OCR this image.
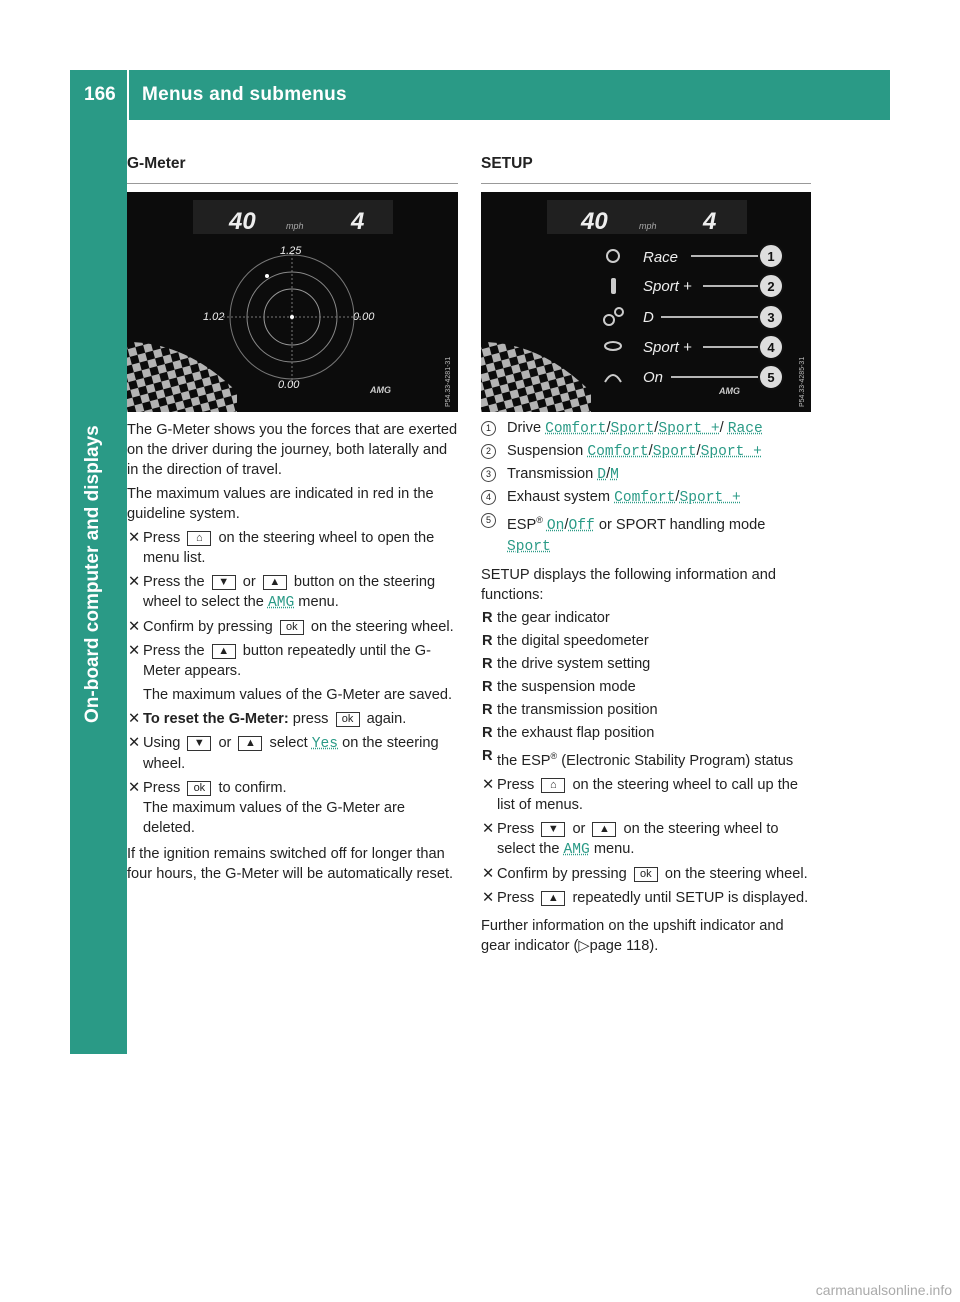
166 Menus and submenus
On-board computer and displays
G-Meter
40	mph 4
1.25
1.02	0.00
0.00	AMG	P54.33-4281-31

The G-Meter shows you the forces that are exerted on the driver during the journey, both laterally and in the direction of travel.

The maximum values are indicated in red in the guideline system.

✕ Press ⌂ on the steering wheel to open the menu list.
✕ Press the ▼ or ▲ button on the steering wheel to select the AMG menu.
✕ Confirm by pressing ok on the steering wheel.
✕ Press the ▲ button repeatedly until the G-Meter appears.
The maximum values of the G-Meter are saved.
✕ To reset the G-Meter: press ok again.
✕ Using ▼ or ▲ select Yes on the steering wheel.
✕ Press ok to confirm.
The maximum values of the G-Meter are deleted.

If the ignition remains switched off for longer than four hours, the G-Meter will be automatically reset.

SETUP
40	mph 4
Race	1
Sport +	2
D	3
Sport +	4
On	5
AMG	P54.33-4285-31
1	Drive Comfort/Sport/Sport +/ Race
2	Suspension Comfort/Sport/Sport +
3	Transmission D/M
4	Exhaust system Comfort/Sport +
5	ESP® On/Off or SPORT handling mode Sport

SETUP displays the following information and functions:

R the gear indicator
R the digital speedometer
R the drive system setting
R the suspension mode
R the transmission position
R the exhaust flap position
R the ESP® (Electronic Stability Program) status
✕ Press ⌂ on the steering wheel to call up the list of menus.
✕ Press ▼ or ▲ on the steering wheel to select the AMG menu.
✕ Confirm by pressing ok on the steering wheel.
✕ Press ▲ repeatedly until SETUP is displayed.

Further information on the upshift indicator and gear indicator (▷page 118).

carmanualsonline.info
